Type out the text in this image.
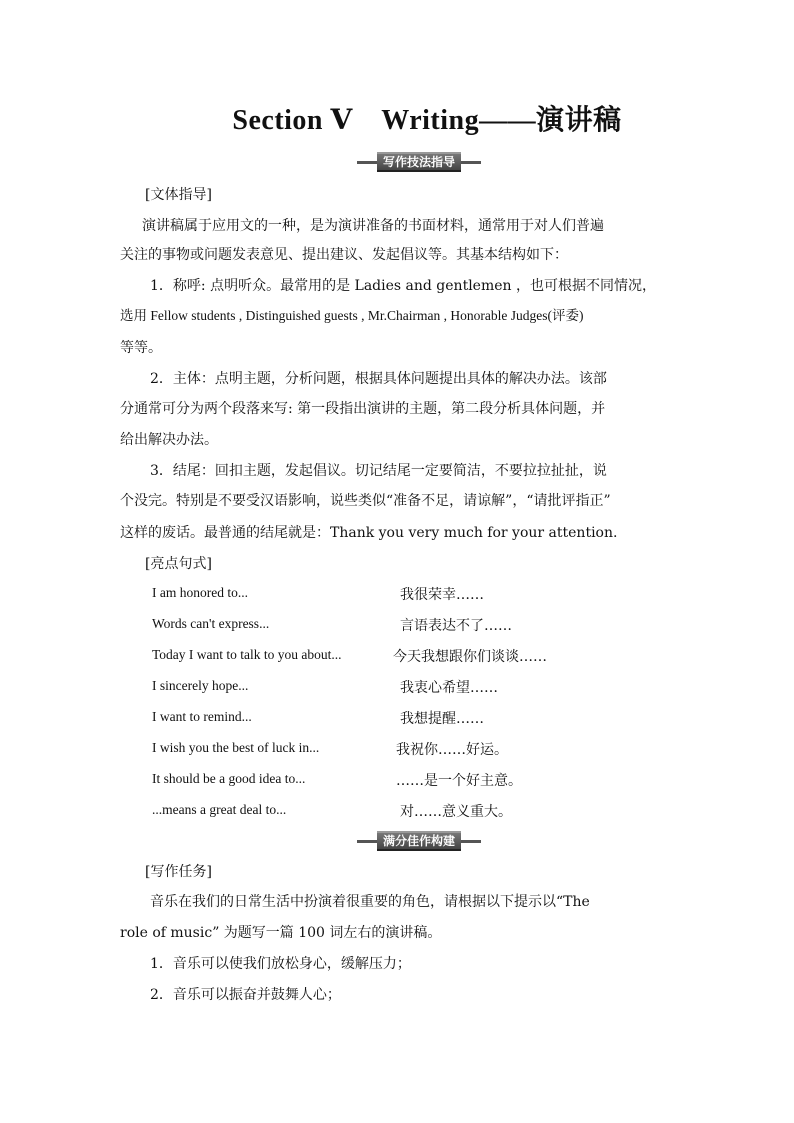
Section Ⅴ　Writing——演讲稿
写作技法指导
[文体指导]
演讲稿属于应用文的一种，是为演讲准备的书面材料，通常用于对人们普遍
关注的事物或问题发表意见、提出建议、发起倡议等。其基本结构如下：
1．称呼: 点明听众。最常用的是 Ladies and gentlemen ，也可根据不同情况，
选用 Fellow students , Distinguished guests , Mr.Chairman , Honorable Judges(评委)
等等。
2．主体：点明主题，分析问题，根据具体问题提出具体的解决办法。该部
分通常可分为两个段落来写: 第一段指出演讲的主题，第二段分析具体问题，并
给出解决办法。
3．结尾：回扣主题，发起倡议。切记结尾一定要简洁，不要拉拉扯扯，说
个没完。特别是不要受汉语影响，说些类似“准备不足，请谅解”，“请批评指正”
这样的废话。最普通的结尾就是：Thank you very much for your attention.
[亮点句式]
I am honored to...	我很荣幸……
Words can't express...	言语表达不了……
Today I want to talk to you about...	今天我想跟你们谈谈……
I sincerely hope...	我衷心希望……
I want to remind...	我想提醒……
I wish you the best of luck in...	我祝你……好运。
It should be a good idea to...	……是一个好主意。
...means a great deal to...	对……意义重大。
满分佳作构建
[写作任务]
音乐在我们的日常生活中扮演着很重要的角色，请根据以下提示以“The
role of music” 为题写一篇 100 词左右的演讲稿。
1．音乐可以使我们放松身心，缓解压力；
2．音乐可以振奋并鼓舞人心；
